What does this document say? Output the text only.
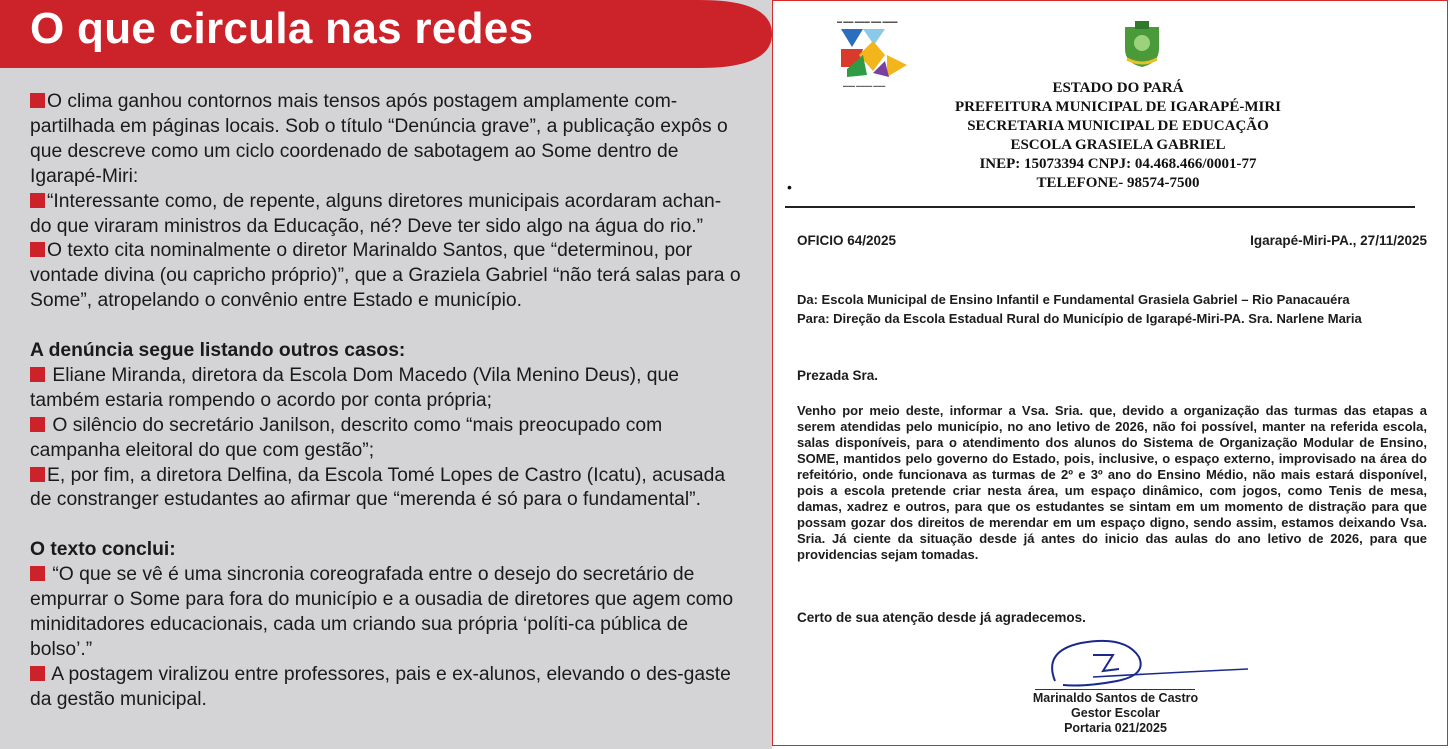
O que circula nas redes

O clima ganhou contornos mais tensos após postagem amplamente com-partilhada em páginas locais. Sob o título “Denúncia grave”, a publicação expôs o que descreve como um ciclo coordenado de sabotagem ao Some dentro de Igarapé-Miri:

“Interessante como, de repente, alguns diretores municipais acordaram achan-do que viraram ministros da Educação, né? Deve ter sido algo na água do rio.”

O texto cita nominalmente o diretor Marinaldo Santos, que “determinou, por vontade divina (ou capricho próprio)”, que a Graziela Gabriel “não terá salas para o Some”, atropelando o convênio entre Estado e município.

A denúncia segue listando outros casos:

Eliane Miranda, diretora da Escola Dom Macedo (Vila Menino Deus), que também estaria rompendo o acordo por conta própria;

O silêncio do secretário Janilson, descrito como “mais preocupado com campanha eleitoral do que com gestão”;

E, por fim, a diretora Delfina, da Escola Tomé Lopes de Castro (Icatu), acusada de constranger estudantes ao afirmar que “merenda é só para o fundamental”.

O texto conclui:

“O que se vê é uma sincronia coreografada entre o desejo do secretário de empurrar o Some para fora do município e a ousadia de diretores que agem como miniditadores educacionais, cada um criando sua própria ‘políti-ca pública de bolso’.”

A postagem viralizou entre professores, pais e ex-alunos, elevando o des-gaste da gestão municipal.

▬ ▬▬ ▬▬▬ ▬▬ ▬▬▬
▬▬▬ ▬▬▬▬ ▬▬▬	ESTADO DO PARÁ
PREFEITURA MUNICIPAL DE IGARAPÉ-MIRI
SECRETARIA MUNICIPAL DE EDUCAÇÃO
ESCOLA GRASIELA GABRIEL
INEP: 15073394 CNPJ: 04.468.466/0001-77
TELEFONE- 98574-7500
•
OFICIO 64/2025	Igarapé-Miri-PA., 27/11/2025
Da: Escola Municipal de Ensino Infantil e Fundamental Grasiela Gabriel – Rio Panacauéra
Para: Direção da Escola Estadual Rural do Município de Igarapé-Miri-PA. Sra. Narlene Maria
Prezada Sra.
Venho por meio deste, informar a Vsa. Sria. que, devido a organização das turmas das etapas a serem atendidas pelo município, no ano letivo de 2026, não foi possível, manter na referida escola, salas disponíveis, para o atendimento dos alunos do Sistema de Organização Modular de Ensino, SOME, mantidos pelo governo do Estado, pois, inclusive, o espaço externo, improvisado na área do refeitório, onde funcionava as turmas de 2º e 3º ano do Ensino Médio, não mais estará disponível, pois a escola pretende criar nesta área, um espaço dinâmico, com jogos, como Tenis de mesa, damas, xadrez e outros, para que os estudantes se sintam em um momento de distração para que possam gozar dos direitos de merendar em um espaço digno, sendo assim, estamos deixando Vsa. Sria. Já ciente da situação desde já antes do inicio das aulas do ano letivo de 2026, para que providencias sejam tomadas.
Certo de sua atenção desde já agradecemos.
Marinaldo Santos de Castro
Gestor Escolar
Portaria 021/2025
